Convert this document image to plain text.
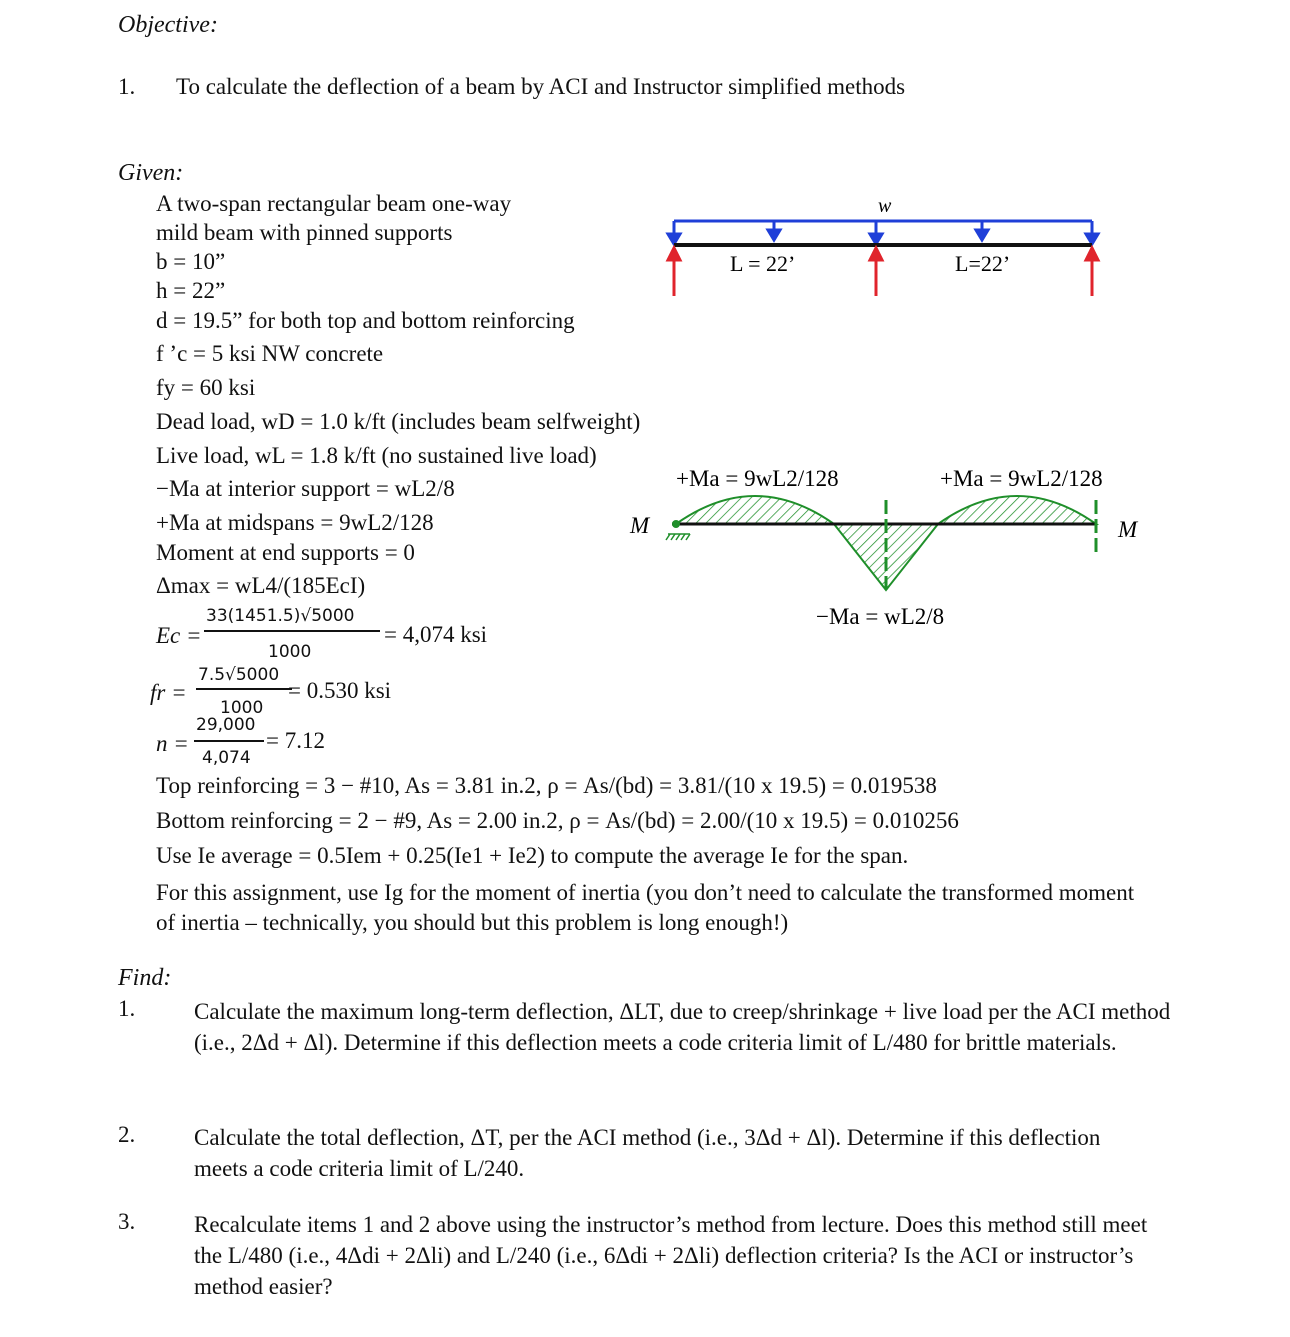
Objective:
1. To calculate the deflection of a beam by ACI and Instructor simplified methods
Given:
A two-span rectangular beam one-way
mild beam with pinned supports
b = 10”
h = 22”
d = 19.5” for both top and bottom reinforcing
f ’c = 5 ksi NW concrete
fy = 60 ksi
Dead load, wD = 1.0 k/ft (includes beam selfweight)
Live load, wL = 1.8 k/ft (no sustained live load)
−Ma at interior support = wL2/8
+Ma at midspans = 9wL2/128
Moment at end supports = 0
Δmax = wL4/(185EcI)
Ec =
33(1451.5)√5000
1000
= 4,074 ksi
fr =
7.5√5000
1000
= 0.530 ksi
n =
29,000
4,074
= 7.12
Top reinforcing = 3 − #10, As = 3.81 in.2, ρ = As/(bd) = 3.81/(10 x 19.5) = 0.019538
Bottom reinforcing = 2 − #9, As = 2.00 in.2, ρ = As/(bd) = 2.00/(10 x 19.5) = 0.010256
Use Ie average = 0.5Iem + 0.25(Ie1 + Ie2) to compute the average Ie for the span.
For this assignment, use Ig for the moment of inertia (you don’t need to calculate the transformed moment of inertia – technically, you should but this problem is long enough!)
w
L = 22’	L=22’
+Ma = 9wL2/128	+Ma = 9wL2/128
M	M
−Ma = wL2/8
Find:
1.	Calculate the maximum long-term deflection, ΔLT, due to creep/shrinkage + live load per the ACI method (i.e., 2Δd + Δl). Determine if this deflection meets a code criteria limit of L/480 for brittle materials.
2.	Calculate the total deflection, ΔT, per the ACI method (i.e., 3Δd + Δl). Determine if this deflection meets a code criteria limit of L/240.
3.	Recalculate items 1 and 2 above using the instructor’s method from lecture. Does this method still meet the L/480 (i.e., 4Δdi + 2Δli) and L/240 (i.e., 6Δdi + 2Δli) deflection criteria? Is the ACI or instructor’s method easier?
